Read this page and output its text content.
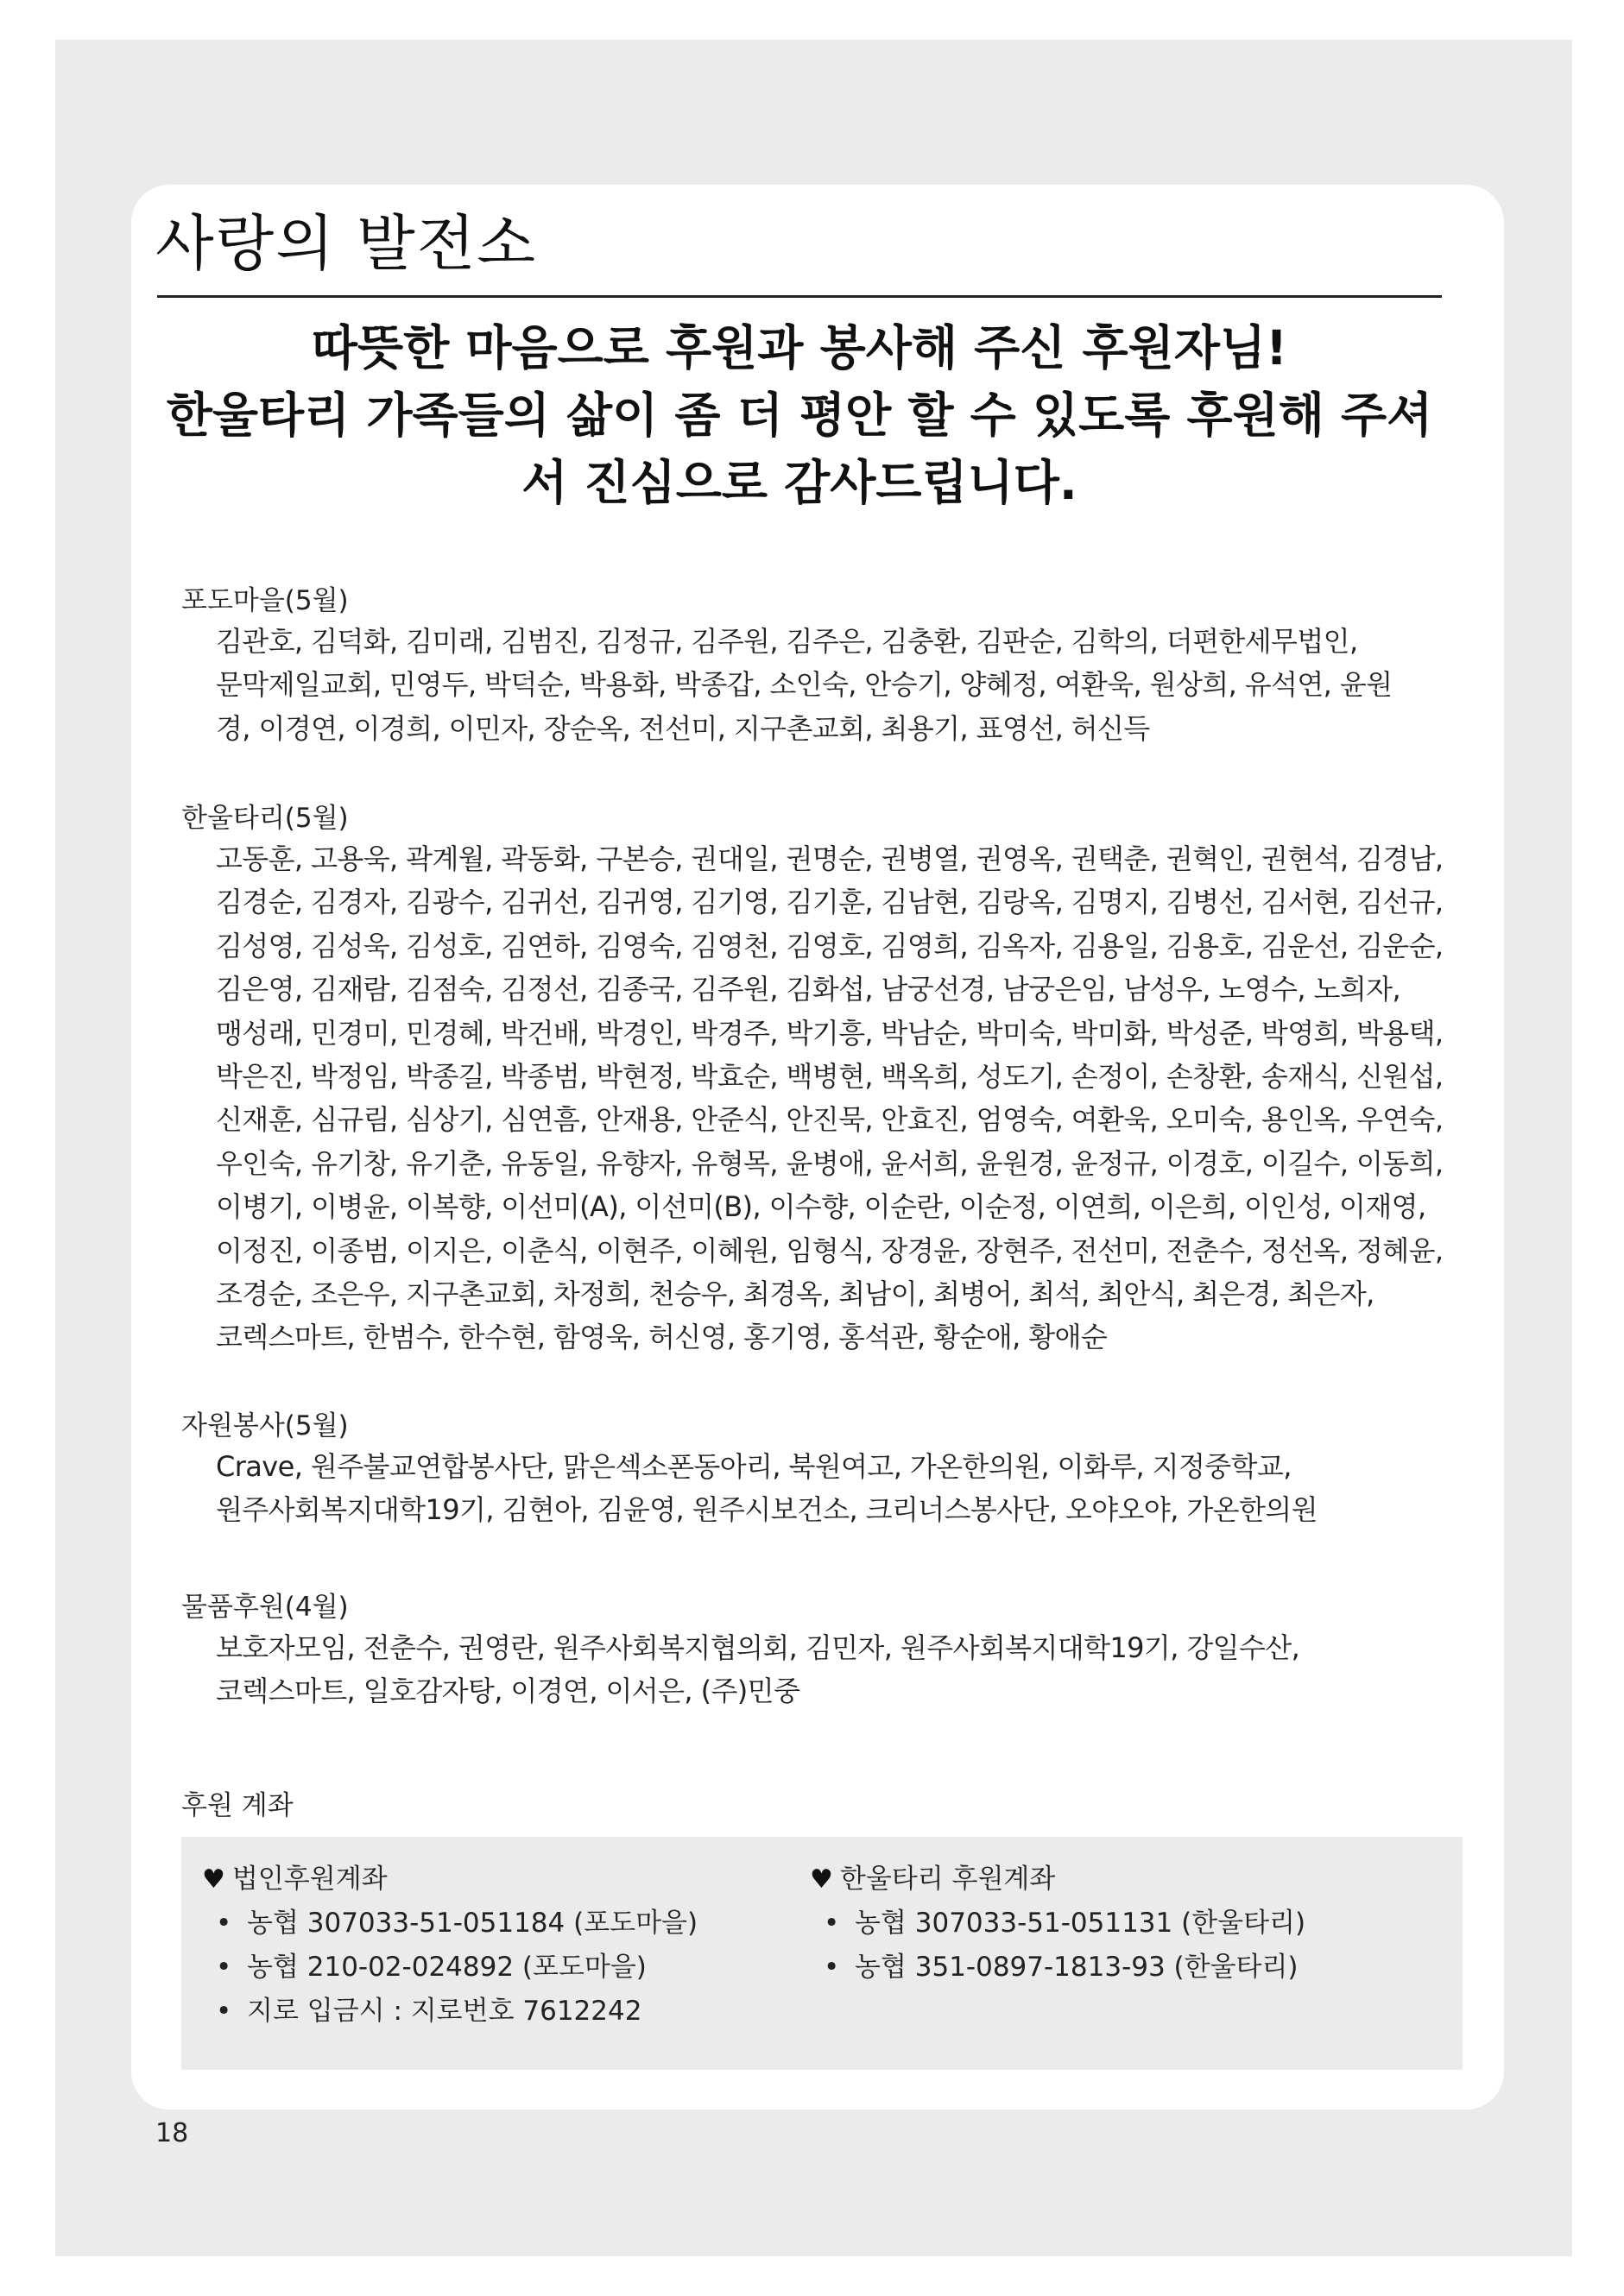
사랑의 발전소
따뜻한 마음으로 후원과 봉사해 주신 후원자님!
한울타리 가족들의 삶이 좀 더 평안 할 수 있도록 후원해 주셔
서 진심으로 감사드립니다.
포도마을(5월)
김관호, 김덕화, 김미래, 김범진, 김정규, 김주원, 김주은, 김충환, 김판순, 김학의, 더편한세무법인,
문막제일교회, 민영두, 박덕순, 박용화, 박종갑, 소인숙, 안승기, 양혜정, 여환욱, 원상희, 유석연, 윤원
경, 이경연, 이경희, 이민자, 장순옥, 전선미, 지구촌교회, 최용기, 표영선, 허신득
한울타리(5월)
고동훈, 고용욱, 곽계월, 곽동화, 구본승, 권대일, 권명순, 권병열, 권영옥, 권택춘, 권혁인, 권현석, 김경남,
김경순, 김경자, 김광수, 김귀선, 김귀영, 김기영, 김기훈, 김남현, 김랑옥, 김명지, 김병선, 김서현, 김선규,
김성영, 김성욱, 김성호, 김연하, 김영숙, 김영천, 김영호, 김영희, 김옥자, 김용일, 김용호, 김운선, 김운순,
김은영, 김재람, 김점숙, 김정선, 김종국, 김주원, 김화섭, 남궁선경, 남궁은임, 남성우, 노영수, 노희자,
맹성래, 민경미, 민경혜, 박건배, 박경인, 박경주, 박기흥, 박남순, 박미숙, 박미화, 박성준, 박영희, 박용택,
박은진, 박정임, 박종길, 박종범, 박현정, 박효순, 백병현, 백옥희, 성도기, 손정이, 손창환, 송재식, 신원섭,
신재훈, 심규림, 심상기, 심연흠, 안재용, 안준식, 안진묵, 안효진, 엄영숙, 여환욱, 오미숙, 용인옥, 우연숙,
우인숙, 유기창, 유기춘, 유동일, 유향자, 유형목, 윤병애, 윤서희, 윤원경, 윤정규, 이경호, 이길수, 이동희,
이병기, 이병윤, 이복향, 이선미(A), 이선미(B), 이수향, 이순란, 이순정, 이연희, 이은희, 이인성, 이재영,
이정진, 이종범, 이지은, 이춘식, 이현주, 이혜원, 임형식, 장경윤, 장현주, 전선미, 전춘수, 정선옥, 정혜윤,
조경순, 조은우, 지구촌교회, 차정희, 천승우, 최경옥, 최남이, 최병어, 최석, 최안식, 최은경, 최은자,
코렉스마트, 한범수, 한수현, 함영욱, 허신영, 홍기영, 홍석관, 황순애, 황애순
자원봉사(5월)
Crave, 원주불교연합봉사단, 맑은섹소폰동아리, 북원여고, 가온한의원, 이화루, 지정중학교,
원주사회복지대학19기, 김현아, 김윤영, 원주시보건소, 크리너스봉사단, 오야오야, 가온한의원
물품후원(4월)
보호자모임, 전춘수, 권영란, 원주사회복지협의회, 김민자, 원주사회복지대학19기, 강일수산,
코렉스마트, 일호감자탕, 이경연, 이서은, (주)민중
후원 계좌
♥ 법인후원계좌
• 농협 307033-51-051184 (포도마을)
• 농협 210-02-024892 (포도마을)
• 지로 입금시 : 지로번호 7612242
♥ 한울타리 후원계좌
• 농협 307033-51-051131 (한울타리)
• 농협 351-0897-1813-93 (한울타리)
18
